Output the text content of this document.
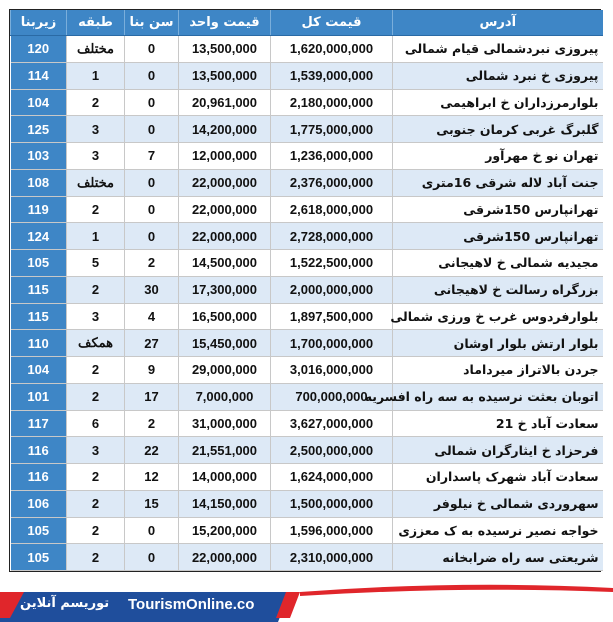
آدرس	قیمت کل	قیمت واحد	سن بنا	طبقه	زیربنا
پیروزی نبردشمالی قیام شمالی	1,620,000,000	13,500,000	0	مختلف	120
پیروزی خ نبرد شمالی	1,539,000,000	13,500,000	0	1	114
بلوارمرزداران خ ابراهیمی	2,180,000,000	20,961,000	0	2	104
گلبرگ غربی کرمان جنوبی	1,775,000,000	14,200,000	0	3	125
تهران نو خ مهرآور	1,236,000,000	12,000,000	7	3	103
جنت آباد لاله شرقی 16متری	2,376,000,000	22,000,000	0	مختلف	108
تهرانپارس 150شرقی	2,618,000,000	22,000,000	0	2	119
تهرانپارس 150شرقی	2,728,000,000	22,000,000	0	1	124
مجیدیه شمالی خ لاهیجانی	1,522,500,000	14,500,000	2	5	105
بزرگراه رسالت خ لاهیجانی	2,000,000,000	17,300,000	30	2	115
بلوارفردوس غرب خ ورزی شمالی	1,897,500,000	16,500,000	4	3	115
بلوار ارتش بلوار اوشان	1,700,000,000	15,450,000	27	همکف	110
جردن بالاتراز میرداماد	3,016,000,000	29,000,000	9	2	104
اتوبان بعثت نرسیده به سه راه افسریه	700,000,000	7,000,000	17	2	101
سعادت آباد خ 21	3,627,000,000	31,000,000	2	6	117
فرحزاد خ ایثارگران شمالی	2,500,000,000	21,551,000	22	3	116
سعادت آباد شهرک پاسداران	1,624,000,000	14,000,000	12	2	116
سهروردی شمالی خ نیلوفر	1,500,000,000	14,150,000	15	2	106
خواجه نصیر نرسیده به ک معززی	1,596,000,000	15,200,000	0	2	105
شریعتی سه راه ضرابخانه	2,310,000,000	22,000,000	0	2	105
توریسم آنلاین TourismOnline.co
